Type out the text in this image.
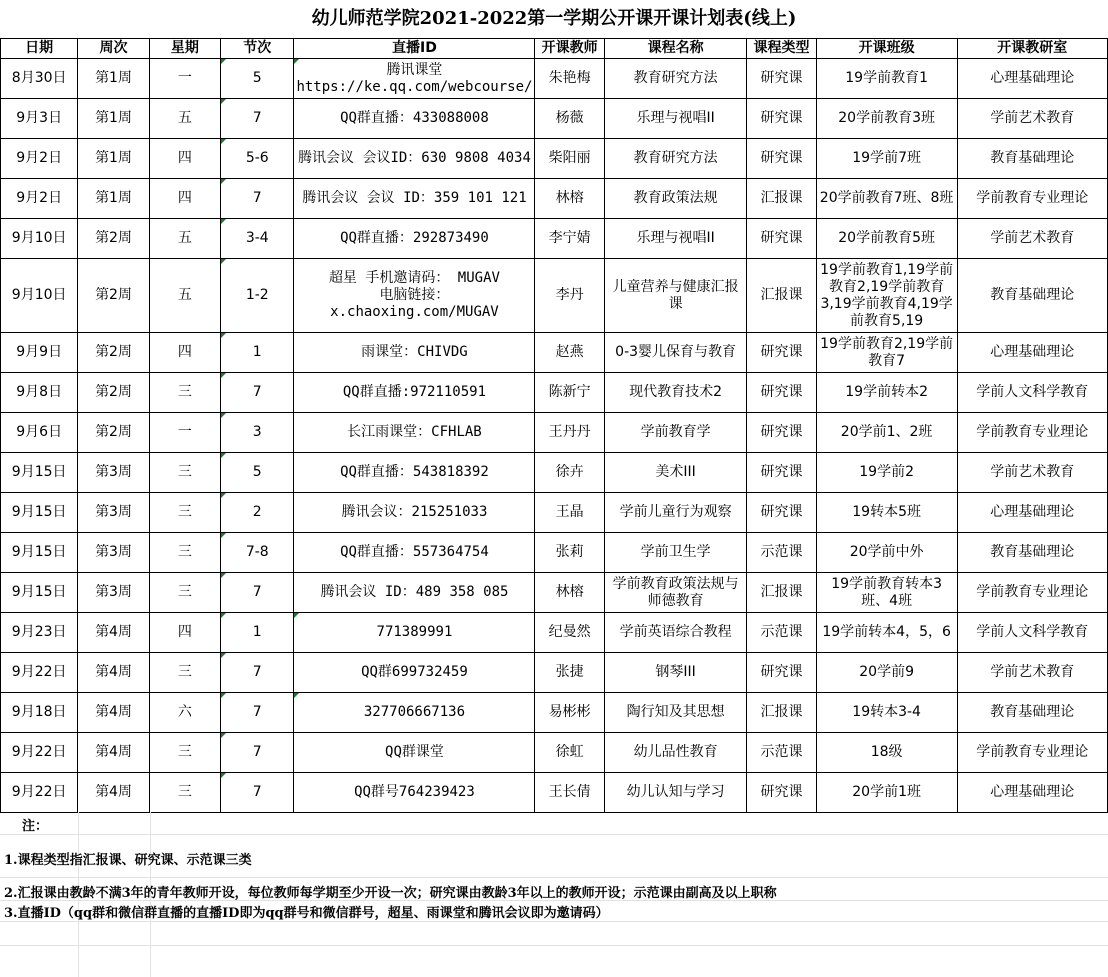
幼儿师范学院2021-2022第一学期公开课开课计划表(线上)
日期	周次	星期	节次	直播ID	开课教师	课程名称	课程类型	开课班级	开课教研室

8月30日	第1周	一	5	腾讯课堂
https://ke.qq.com/webcourse/	朱艳梅	教育研究方法	研究课	19学前教育1	心理基础理论

9月3日	第1周	五	7	QQ群直播：433088008	杨薇	乐理与视唱II	研究课	20学前教育3班	学前艺术教育

9月2日	第1周	四	5-6	腾讯会议 会议ID：630 9808 4034	柴阳丽	教育研究方法	研究课	19学前7班	教育基础理论

9月2日	第1周	四	7	腾讯会议 会议 ID：359 101 121	林榕	教育政策法规	汇报课	20学前教育7班、8班	学前教育专业理论

9月10日	第2周	五	3-4	QQ群直播：292873490	李宁婧	乐理与视唱II	研究课	20学前教育5班	学前艺术教育

9月10日	第2周	五	1-2	超星 手机邀请码： MUGAV
电脑链接：
x.chaoxing.com/MUGAV	李丹	儿童营养与健康汇报课	汇报课	19学前教育1,19学前教育2,19学前教育3,19学前教育4,19学前教育5,19	教育基础理论

9月9日	第2周	四	1	雨课堂：CHIVDG	赵燕	0-3婴儿保育与教育	研究课	19学前教育2,19学前教育7	心理基础理论

9月8日	第2周	三	7	QQ群直播:972110591	陈新宁	现代教育技术2	研究课	19学前转本2	学前人文科学教育

9月6日	第2周	一	3	长江雨课堂：CFHLAB	王丹丹	学前教育学	研究课	20学前1、2班	学前教育专业理论

9月15日	第3周	三	5	QQ群直播：543818392	徐卉	美术III	研究课	19学前2	学前艺术教育

9月15日	第3周	三	2	腾讯会议：215251033	王晶	学前儿童行为观察	研究课	19转本5班	心理基础理论

9月15日	第3周	三	7-8	QQ群直播：557364754	张莉	学前卫生学	示范课	20学前中外	教育基础理论

9月15日	第3周	三	7	腾讯会议 ID：489 358 085	林榕	学前教育政策法规与师德教育	汇报课	19学前教育转本3班、4班	学前教育专业理论

9月23日	第4周	四	1	771389991	纪曼然	学前英语综合教程	示范课	19学前转本4，5，6	学前人文科学教育

9月22日	第4周	三	7	QQ群699732459	张捷	钢琴III	研究课	20学前9	学前艺术教育

9月18日	第4周	六	7	327706667136	易彬彬	陶行知及其思想	汇报课	19转本3-4	教育基础理论

9月22日	第4周	三	7	QQ群课堂	徐虹	幼儿品性教育	示范课	18级	学前教育专业理论

9月22日	第4周	三	7	QQ群号764239423	王长倩	幼儿认知与学习	研究课	20学前1班	心理基础理论
注：
1.课程类型指汇报课、研究课、示范课三类
2.汇报课由教龄不满3年的青年教师开设，每位教师每学期至少开设一次；研究课由教龄3年以上的教师开设；示范课由副高及以上职称
3.直播ID（qq群和微信群直播的直播ID即为qq群号和微信群号，超星、雨课堂和腾讯会议即为邀请码）
